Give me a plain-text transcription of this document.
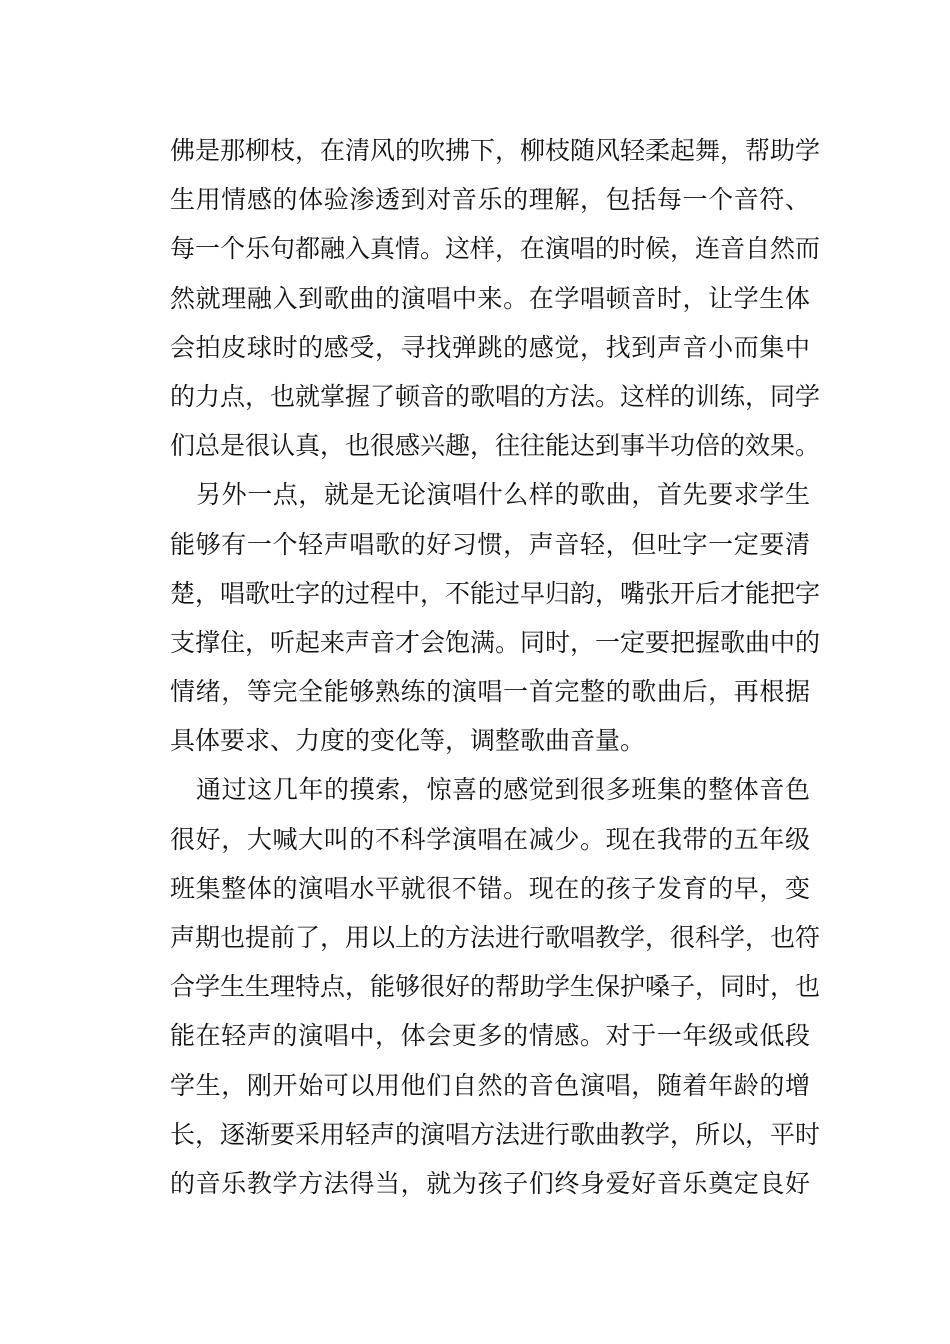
佛是那柳枝，在清风的吹拂下，柳枝随风轻柔起舞，帮助学
生用情感的体验渗透到对音乐的理解，包括每一个音符、
每一个乐句都融入真情。这样，在演唱的时候，连音自然而
然就理融入到歌曲的演唱中来。在学唱顿音时，让学生体
会拍皮球时的感受，寻找弹跳的感觉，找到声音小而集中
的力点，也就掌握了顿音的歌唱的方法。这样的训练，同学
们总是很认真，也很感兴趣，往往能达到事半功倍的效果。
另外一点，就是无论演唱什么样的歌曲，首先要求学生
能够有一个轻声唱歌的好习惯，声音轻，但吐字一定要清
楚，唱歌吐字的过程中，不能过早归韵，嘴张开后才能把字
支撑住，听起来声音才会饱满。同时，一定要把握歌曲中的
情绪，等完全能够熟练的演唱一首完整的歌曲后，再根据
具体要求、力度的变化等，调整歌曲音量。
通过这几年的摸索，惊喜的感觉到很多班集的整体音色
很好，大喊大叫的不科学演唱在减少。现在我带的五年级
班集整体的演唱水平就很不错。现在的孩子发育的早，变
声期也提前了，用以上的方法进行歌唱教学，很科学，也符
合学生生理特点，能够很好的帮助学生保护嗓子，同时，也
能在轻声的演唱中，体会更多的情感。对于一年级或低段
学生，刚开始可以用他们自然的音色演唱，随着年龄的增
长，逐渐要采用轻声的演唱方法进行歌曲教学，所以，平时
的音乐教学方法得当，就为孩子们终身爱好音乐奠定良好
